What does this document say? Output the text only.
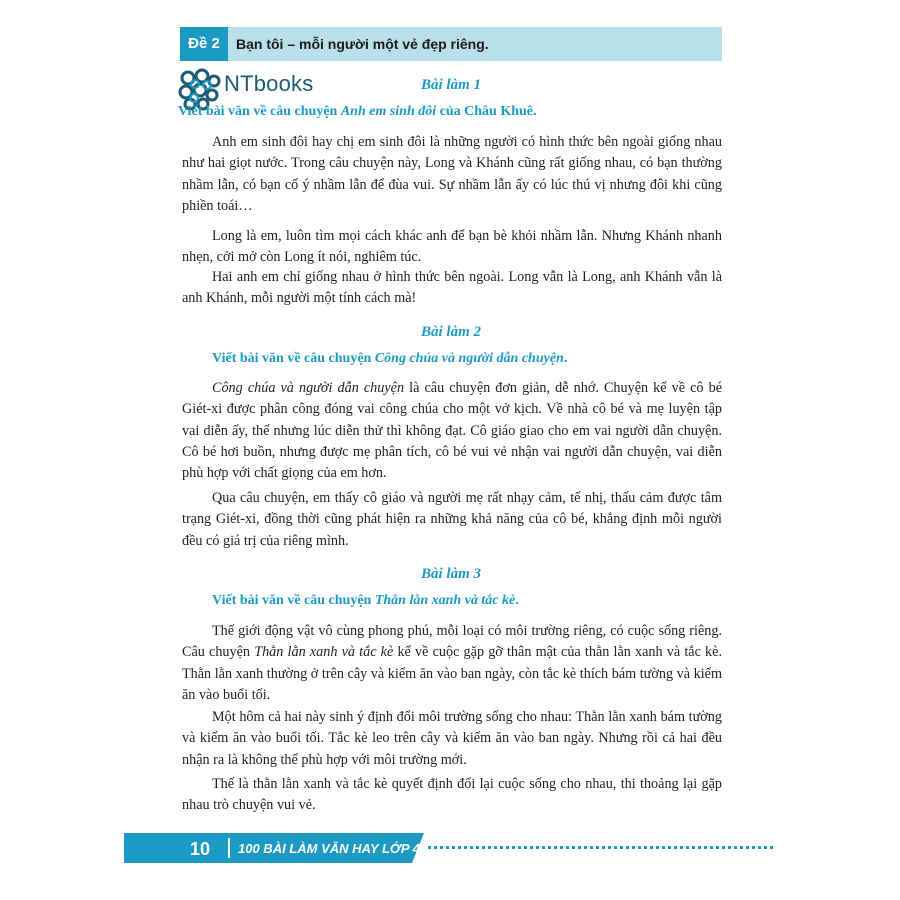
Đề 2	Bạn tôi – mỗi người một vẻ đẹp riêng.
NTbooks	Bài làm 1
Viết bài văn về câu chuyện Anh em sinh đôi của Châu Khuê.

Anh em sinh đôi hay chị em sinh đôi là những người có hình thức bên ngoài giống nhau như hai giọt nước. Trong câu chuyện này, Long và Khánh cũng rất giống nhau, có bạn thường nhầm lẫn, có bạn cố ý nhầm lẫn để đùa vui. Sự nhầm lẫn ấy có lúc thú vị nhưng đôi khi cũng phiền toái…

Long là em, luôn tìm mọi cách khác anh để bạn bè khỏi nhầm lẫn. Nhưng Khánh nhanh nhẹn, cởi mở còn Long ít nói, nghiêm túc.

Hai anh em chỉ giống nhau ở hình thức bên ngoài. Long vẫn là Long, anh Khánh vẫn là anh Khánh, mỗi người một tính cách mà!

Bài làm 2
Viết bài văn về câu chuyện Công chúa và người dẫn chuyện.

Công chúa và người dẫn chuyện là câu chuyện đơn giản, dễ nhớ. Chuyện kể về cô bé Giét-xi được phân công đóng vai công chúa cho một vở kịch. Về nhà cô bé và mẹ luyện tập vai diễn ấy, thế nhưng lúc diễn thử thì không đạt. Cô giáo giao cho em vai người dẫn chuyện. Cô bé hơi buồn, nhưng được mẹ phân tích, cô bé vui vẻ nhận vai người dẫn chuyện, vai diễn phù hợp với chất giọng của em hơn.

Qua câu chuyện, em thấy cô giáo và người mẹ rất nhạy cảm, tế nhị, thấu cảm được tâm trạng Giét-xi, đồng thời cũng phát hiện ra những khả năng của cô bé, khẳng định mỗi người đều có giá trị của riêng mình.

Bài làm 3
Viết bài văn về câu chuyện Thằn lằn xanh và tắc kè.

Thế giới động vật vô cùng phong phú, mỗi loại có môi trường riêng, có cuộc sống riêng. Câu chuyện Thằn lằn xanh và tắc kè kể về cuộc gặp gỡ thân mật của thằn lằn xanh và tắc kè. Thằn lằn xanh thường ở trên cây và kiếm ăn vào ban ngày, còn tắc kè thích bám tường và kiếm ăn vào buổi tối.

Một hôm cả hai này sinh ý định đổi môi trường sống cho nhau: Thằn lằn xanh bám tường và kiếm ăn vào buổi tối. Tắc kè leo trên cây và kiếm ăn vào ban ngày. Nhưng rồi cả hai đều nhận ra là không thể phù hợp với môi trường mới.

Thế là thằn lằn xanh và tắc kè quyết định đổi lại cuộc sống cho nhau, thi thoảng lại gặp nhau trò chuyện vui vẻ.

10	100 BÀI LÀM VĂN HAY LỚP 4
